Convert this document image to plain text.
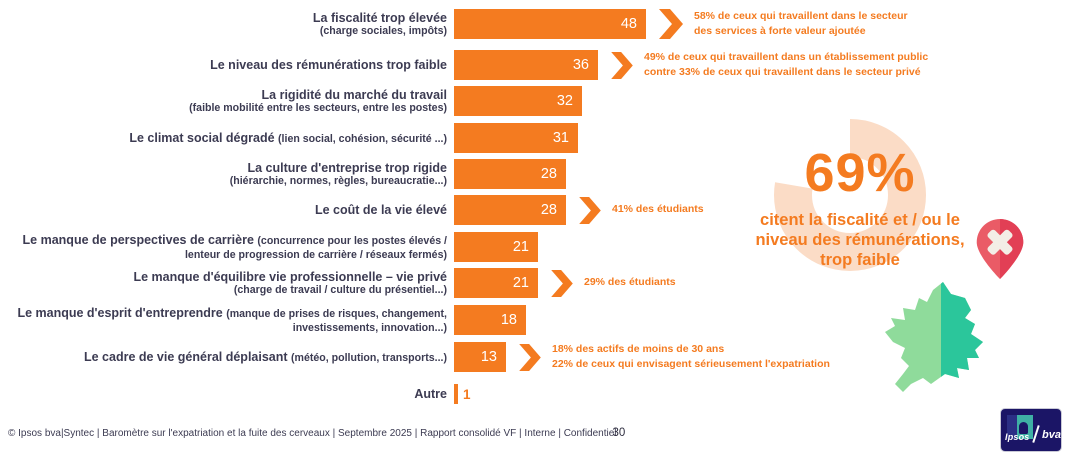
La fiscalité trop élevée
(charge sociales, impôts)	48
58% de ceux qui travaillent dans le secteur
des services à forte valeur ajoutée
Le niveau des rémunérations trop faible	36
49% de ceux qui travaillent dans un établissement public
contre 33% de ceux qui travaillent dans le secteur privé
La rigidité du marché du travail
(faible mobilité entre les secteurs, entre les postes)	32
Le climat social dégradé (lien social, cohésion, sécurité ...)	31
La culture d'entreprise trop rigide
(hiérarchie, normes, règles, bureaucratie...)	28
Le coût de la vie élevé	28	41% des étudiants
Le manque de perspectives de carrière (concurrence pour les postes élevés / lenteur de progression de carrière / réseaux fermés)	21
Le manque d'équilibre vie professionnelle – vie privé
(charge de travail / culture du présentiel...)	21	29% des étudiants
Le manque d'esprit d'entreprendre (manque de prises de risques, changement, investissements, innovation...)	18
Le cadre de vie général déplaisant (météo, pollution, transports...) 13
18% des actifs de moins de 30 ans
22% de ceux qui envisagent sérieusement l'expatriation
Autre 1
69%
citent la fiscalité et / ou le niveau des rémunérations, trop faible
© Ipsos bva|Syntec | Baromètre sur l'expatriation et la fuite des cerveaux | Septembre 2025 | Rapport consolidé VF | Interne | Confidentiel30	Ipsos bva
